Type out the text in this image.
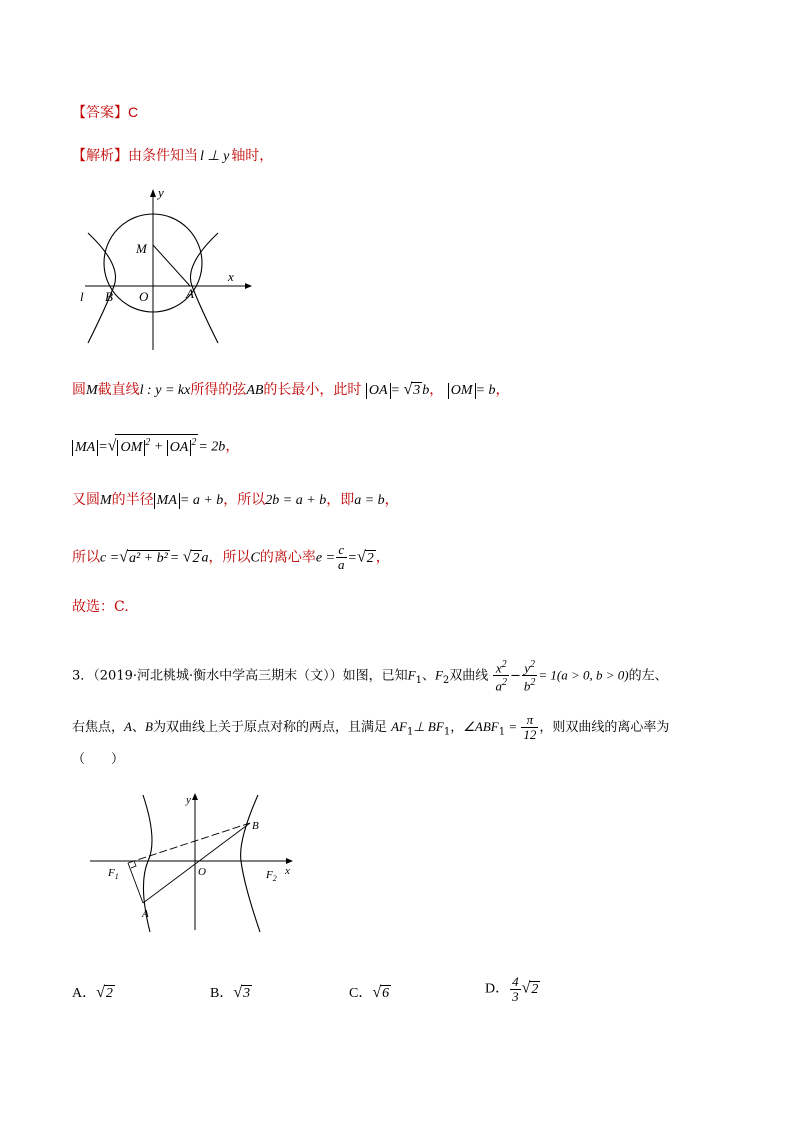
【答案】C
【解析】由条件知当 l ⊥ y 轴时，
y
x
M
O
B	A
l
圆M截直线l : y = kx所得的弦AB的长最小，此时 OA = √3 b， OM = b，
MA =√ OM $^2$ + OA $^2$ = 2b，
又圆M的半径 MA = a + b，所以2b = a + b，即a = b，
所以c =√a² + b² = √2 a，所以C的离心率$e = \frac{c}{a} =√2$ ，
故选：C.
3．（2019·河北桃城·衡水中学高三期末（文））如图，已知$F_1$、$F_2$双曲线 $\frac{x^2}{a^2} - \frac{y^2}{b^2} = 1(a > 0$, b > 0)的左、
右焦点，A、B为双曲线上关于原点对称的两点，且满足 $AF_1\perp$ $BF_1$，$\angle ABF_1 = \frac{\pi}{12}$ ，则双曲线的离心率为
（　　）
y
x
B
$F_1$	$F_2$
O
A
A．√2	B．√3	C．√6	D． $\frac{4}{3} √2$
